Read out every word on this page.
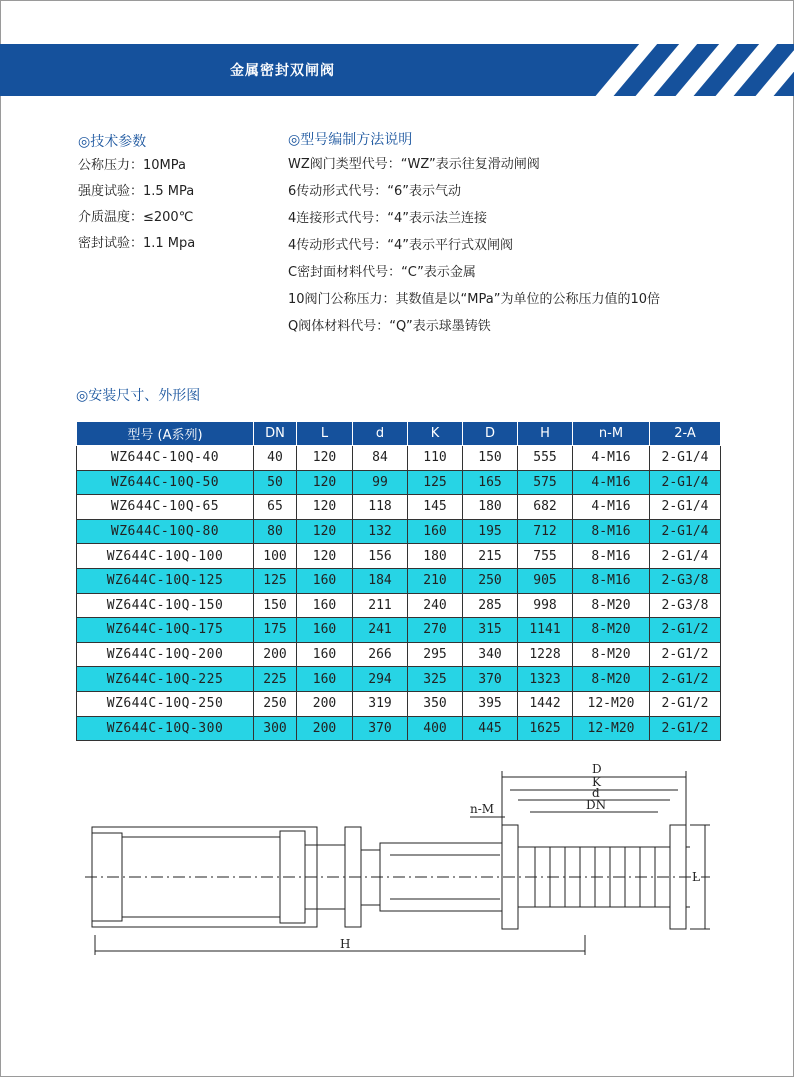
金属密封双闸阀
◎技术参数
公称压力：10MPa
强度试验：1.5 MPa
介质温度：≤200℃
密封试验：1.1 Mpa
◎型号编制方法说明
WZ阀门类型代号：“WZ”表示往复滑动闸阀
6传动形式代号：“6”表示气动
4连接形式代号：“4”表示法兰连接
4传动形式代号：“4”表示平行式双闸阀
C密封面材料代号：“C”表示金属
10阀门公称压力：其数值是以“MPa”为单位的公称压力值的10倍
Q阀体材料代号：“Q”表示球墨铸铁
◎安装尺寸、外形图
型号 (A系列)	DN	L	d	K	D	H	n-M	2-A
WZ644C-10Q-40	40	120	84	110	150	555	4-M16	2-G1/4
WZ644C-10Q-50	50	120	99	125	165	575	4-M16	2-G1/4
WZ644C-10Q-65	65	120	118	145	180	682	4-M16	2-G1/4
WZ644C-10Q-80	80	120	132	160	195	712	8-M16	2-G1/4
WZ644C-10Q-100	100	120	156	180	215	755	8-M16	2-G1/4
WZ644C-10Q-125	125	160	184	210	250	905	8-M16	2-G3/8
WZ644C-10Q-150	150	160	211	240	285	998	8-M20	2-G3/8
WZ644C-10Q-175	175	160	241	270	315	1141	8-M20	2-G1/2
WZ644C-10Q-200	200	160	266	295	340	1228	8-M20	2-G1/2
WZ644C-10Q-225	225	160	294	325	370	1323	8-M20	2-G1/2
WZ644C-10Q-250	250	200	319	350	395	1442	12-M20	2-G1/2
WZ644C-10Q-300	300	200	370	400	445	1625	12-M20	2-G1/2
H
D
K
d
DN
n-M
L
